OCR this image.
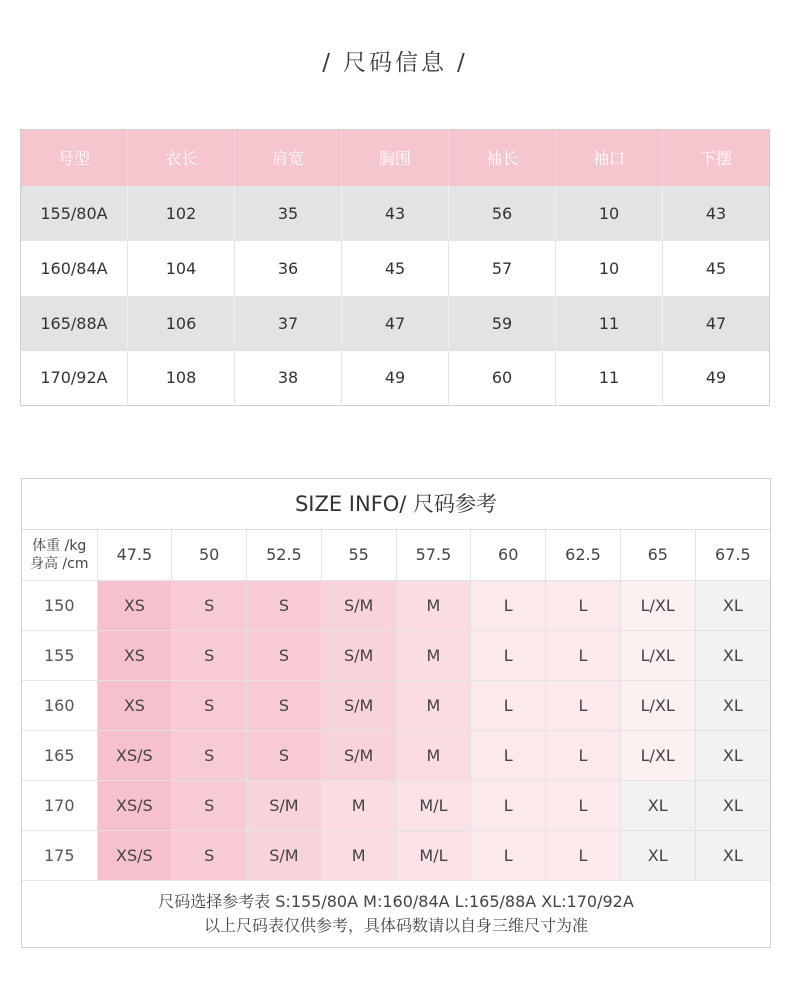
/ 尺码信息 /
号型	衣长	肩宽	胸围	袖长	袖口	下摆
155/80A	102	35	43	56	10	43
160/84A	104	36	45	57	10	45
165/88A	106	37	47	59	11	47
170/92A	108	38	49	60	11	49
SIZE INFO/ 尺码参考
体重 /kg
身高 /cm	47.5	50	52.5	55	57.5	60	62.5	65	67.5
150	XS	S	S	S/M	M	L	L	L/XL	XL
155	XS	S	S	S/M	M	L	L	L/XL	XL
160	XS	S	S	S/M	M	L	L	L/XL	XL
165	XS/S	S	S	S/M	M	L	L	L/XL	XL
170	XS/S	S	S/M	M	M/L	L	L	XL	XL
175	XS/S	S	S/M	M	M/L	L	L	XL	XL
尺码选择参考表 S:155/80A M:160/84A L:165/88A XL:170/92A
以上尺码表仅供参考，具体码数请以自身三维尺寸为准
